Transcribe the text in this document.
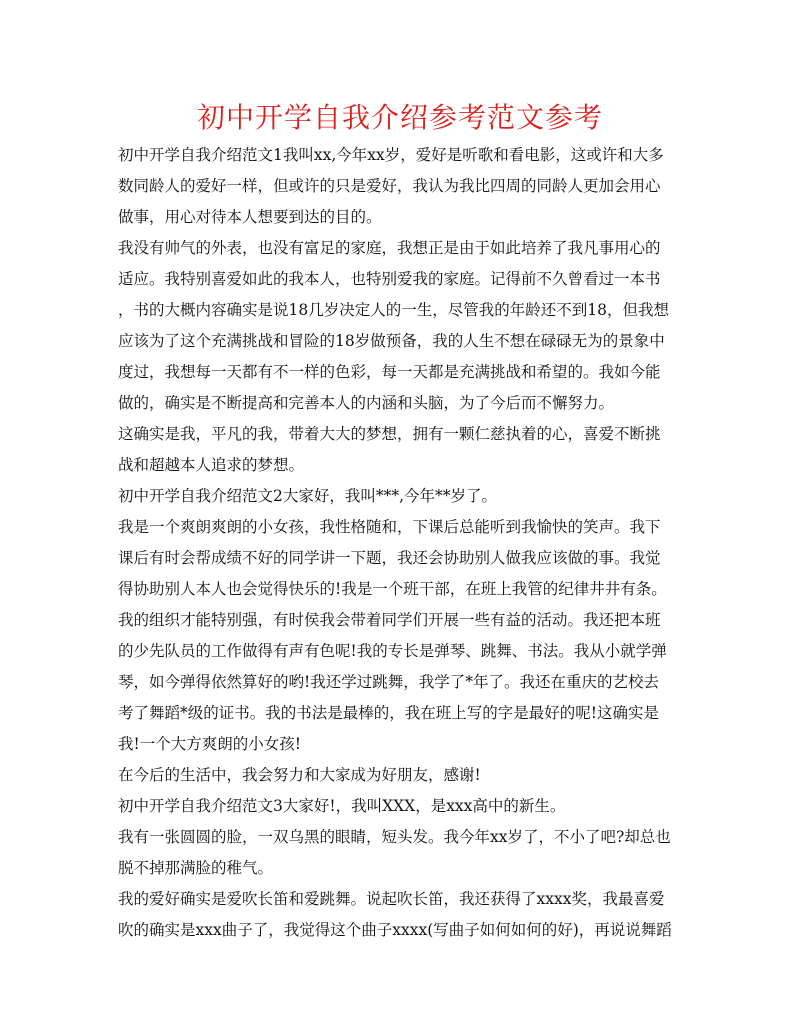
初中开学自我介绍参考范文参考
初中开学自我介绍范文1我叫xx,今年xx岁，爱好是听歌和看电影，这或许和大多
数同龄人的爱好一样，但或许的只是爱好，我认为我比四周的同龄人更加会用心
做事，用心对待本人想要到达的目的。
我没有帅气的外表，也没有富足的家庭，我想正是由于如此培养了我凡事用心的
适应。我特别喜爱如此的我本人，也特别爱我的家庭。记得前不久曾看过一本书
，书的大概内容确实是说18几岁决定人的一生，尽管我的年龄还不到18，但我想
应该为了这个充满挑战和冒险的18岁做预备，我的人生不想在碌碌无为的景象中
度过，我想每一天都有不一样的色彩，每一天都是充满挑战和希望的。我如今能
做的，确实是不断提高和完善本人的内涵和头脑，为了今后而不懈努力。
这确实是我，平凡的我，带着大大的梦想，拥有一颗仁慈执着的心，喜爱不断挑
战和超越本人追求的梦想。
初中开学自我介绍范文2大家好，我叫***,今年**岁了。
我是一个爽朗爽朗的小女孩，我性格随和，下课后总能听到我愉快的笑声。我下
课后有时会帮成绩不好的同学讲一下题，我还会协助别人做我应该做的事。我觉
得协助别人本人也会觉得快乐的!我是一个班干部，在班上我管的纪律井井有条。
我的组织才能特别强，有时侯我会带着同学们开展一些有益的活动。我还把本班
的少先队员的工作做得有声有色呢!我的专长是弹琴、跳舞、书法。我从小就学弹
琴，如今弹得依然算好的哟!我还学过跳舞，我学了*年了。我还在重庆的艺校去
考了舞蹈*级的证书。我的书法是最棒的，我在班上写的字是最好的呢!这确实是
我!一个大方爽朗的小女孩!
在今后的生活中，我会努力和大家成为好朋友，感谢!
初中开学自我介绍范文3大家好!，我叫XXX，是xxx高中的新生。
我有一张圆圆的脸，一双乌黑的眼睛，短头发。我今年xx岁了，不小了吧?却总也
脱不掉那满脸的稚气。
我的爱好确实是爱吹长笛和爱跳舞。说起吹长笛，我还获得了xxxx奖，我最喜爱
吹的确实是xxx曲子了，我觉得这个曲子xxxx(写曲子如何如何的好)，再说说舞蹈
